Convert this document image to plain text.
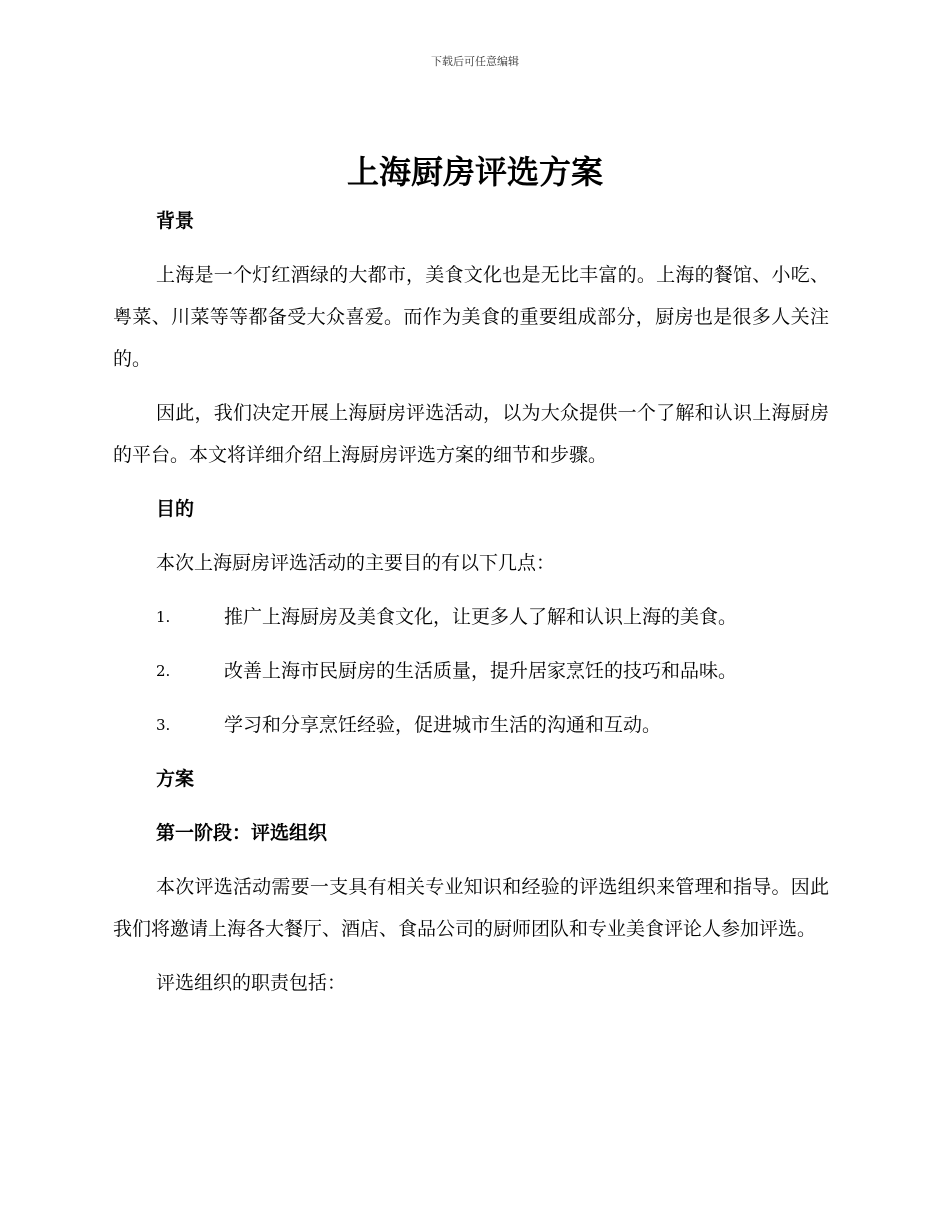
下载后可任意编辑
上海厨房评选方案

背景

上海是一个灯红酒绿的大都市，美食文化也是无比丰富的。上海的餐馆、小吃、粤菜、川菜等等都备受大众喜爱。而作为美食的重要组成部分，厨房也是很多人关注的。

因此，我们决定开展上海厨房评选活动，以为大众提供一个了解和认识上海厨房的平台。本文将详细介绍上海厨房评选方案的细节和步骤。

目的

本次上海厨房评选活动的主要目的有以下几点：

1.	推广上海厨房及美食文化，让更多人了解和认识上海的美食。

2.	改善上海市民厨房的生活质量，提升居家烹饪的技巧和品味。

3.	学习和分享烹饪经验，促进城市生活的沟通和互动。

方案

第一阶段：评选组织

本次评选活动需要一支具有相关专业知识和经验的评选组织来管理和指导。因此我们将邀请上海各大餐厅、酒店、食品公司的厨师团队和专业美食评论人参加评选。

评选组织的职责包括：
